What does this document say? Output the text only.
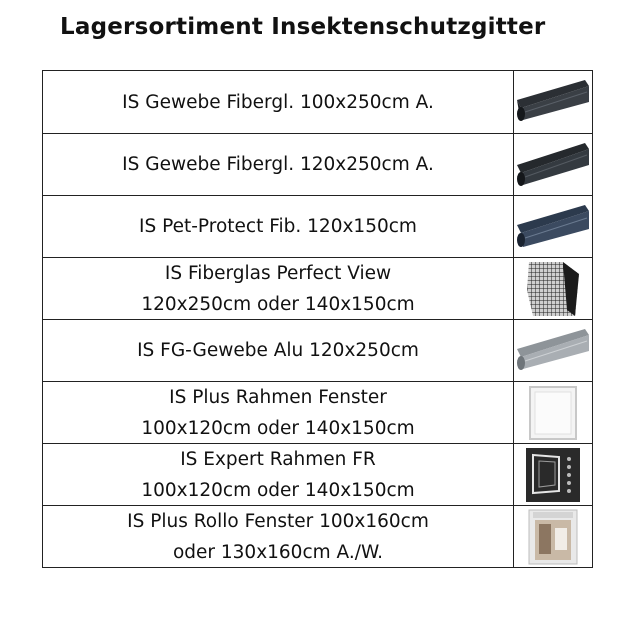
Lagersortiment Insektenschutzgitter
IS Gewebe Fibergl. 100x250cm A.
IS Gewebe Fibergl. 120x250cm A.
IS Pet-Protect Fib. 120x150cm
IS Fiberglas Perfect View
120x250cm oder 140x150cm
IS FG-Gewebe Alu 120x250cm
IS Plus Rahmen Fenster
100x120cm oder 140x150cm
IS Expert Rahmen FR
100x120cm oder 140x150cm
IS Plus Rollo Fenster 100x160cm
oder 130x160cm A./W.
